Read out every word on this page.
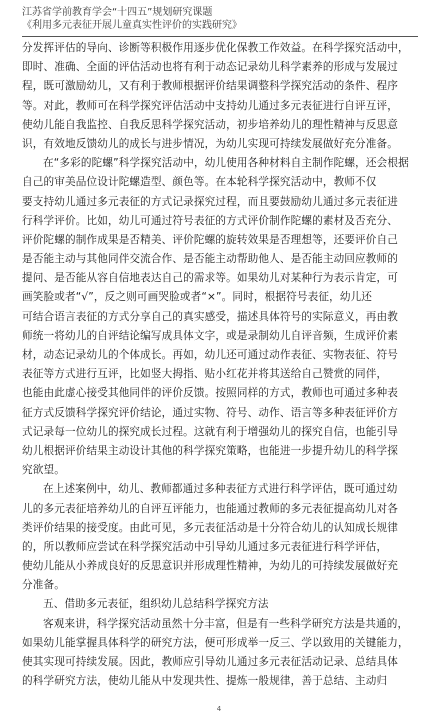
江苏省学前教育学会“十四五”规划研究课题
《利用多元表征开展儿童真实性评价的实践研究》
分发挥评估的导向、诊断等积极作用逐步优化保教工作效益。在科学探究活动中，
即时、准确、全面的评估活动也将有利于动态记录幼儿科学素养的形成与发展过
程，既可激励幼儿，又有利于教师根据评价结果调整科学探究活动的条件、程序
等。对此，教师可在科学探究评估活动中支持幼儿通过多元表征进行自评互评，
使幼儿能自我监控、自我反思科学探究活动，初步培养幼儿的理性精神与反思意
识，有效地反馈幼儿的成长与进步情况，为幼儿实现可持续发展做好充分准备。
在“多彩的陀螺”科学探究活动中，幼儿使用各种材料自主制作陀螺，还会根据
自己的审美品位设计陀螺造型、颜色等。在本轮科学探究活动中，教师不仅
要支持幼儿通过多元表征的方式记录探究过程，而且要鼓励幼儿通过多元表征进
行科学评价。比如，幼儿可通过符号表征的方式评价制作陀螺的素材及否充分、
评价陀螺的制作成果是否精美、评价陀螺的旋转效果是否理想等，还要评价自己
是否能主动与其他同伴交流合作、是否能主动帮助他人、是否能主动回应教师的
提问、是否能从容自信地表达自己的需求等。如果幼儿对某种行为表示肯定，可
画笑脸或者“√”，反之则可画哭脸或者“×”。同时，根据符号表征，幼儿还
可结合语言表征的方式分享自己的真实感受，描述具体符号的实际意义，再由教
师统一将幼儿的自评结论编写成具体文字，或是录制幼儿自评音频，生成评价素
材，动态记录幼儿的个体成长。再如，幼儿还可通过动作表征、实物表征、符号
表征等方式进行互评，比如竖大拇指、贴小红花并将其送给自己赞赏的同伴，
也能由此虚心接受其他同伴的评价反馈。按照同样的方式，教师也可通过多种表
征方式反馈科学探究评价结论，通过实物、符号、动作、语言等多种表征评价方
式记录每一位幼儿的探究成长过程。这就有利于增强幼儿的探究自信，也能引导
幼儿根据评价结果主动设计其他的科学探究策略，也能进一步提升幼儿的科学探
究欲望。
在上述案例中，幼儿、教师都通过多种表征方式进行科学评估，既可通过幼
儿的多元表征培养幼儿的自评互评能力，也能通过教师的多元表征提高幼儿对各
类评价结果的接受度。由此可见，多元表征活动是十分符合幼儿的认知成长规律
的，所以教师应尝试在科学探究活动中引导幼儿通过多元表征进行科学评估，
使幼儿能从小养成良好的反思意识并形成理性精神，为幼儿的可持续发展做好充
分准备。
五、借助多元表征，组织幼儿总结科学探究方法
客观来讲，科学探究活动虽然十分丰富，但是有一些科学研究方法是共通的，
如果幼儿能掌握具体科学的研究方法，便可形成举一反三、学以致用的关键能力，
使其实现可持续发展。因此，教师应引导幼儿通过多元表征活动记录、总结具体
的科学研究方法，使幼儿能从中发现共性、提炼一般规律，善于总结、主动归
4
